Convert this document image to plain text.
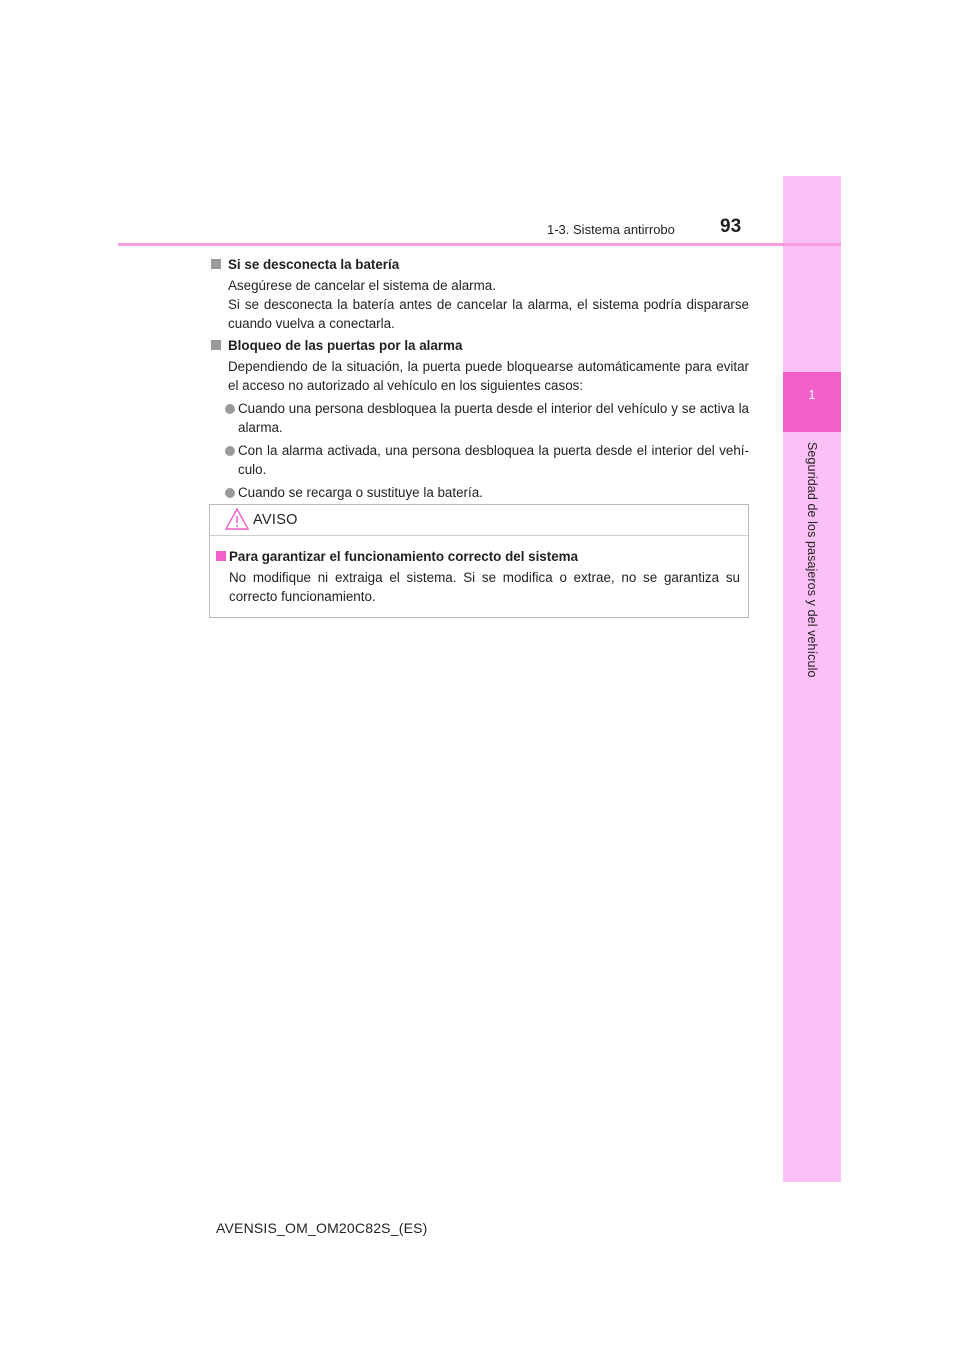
1
Seguridad de los pasajeros y del vehículo
1-3. Sistema antirrobo 93
Si se desconecta la batería
Asegúrese de cancelar el sistema de alarma.
Si se desconecta la batería antes de cancelar la alarma, el sistema podría dispararse cuando vuelva a conectarla.
Bloqueo de las puertas por la alarma
Dependiendo de la situación, la puerta puede bloquearse automáticamente para evitar el acceso no autorizado al vehículo en los siguientes casos:
Cuando una persona desbloquea la puerta desde el interior del vehículo y se activa la alarma.
Con la alarma activada, una persona desbloquea la puerta desde el interior del vehí-culo.
Cuando se recarga o sustituye la batería.
AVISO
Para garantizar el funcionamiento correcto del sistema
No modifique ni extraiga el sistema. Si se modifica o extrae, no se garantiza su correcto funcionamiento.
AVENSIS_OM_OM20C82S_(ES)
